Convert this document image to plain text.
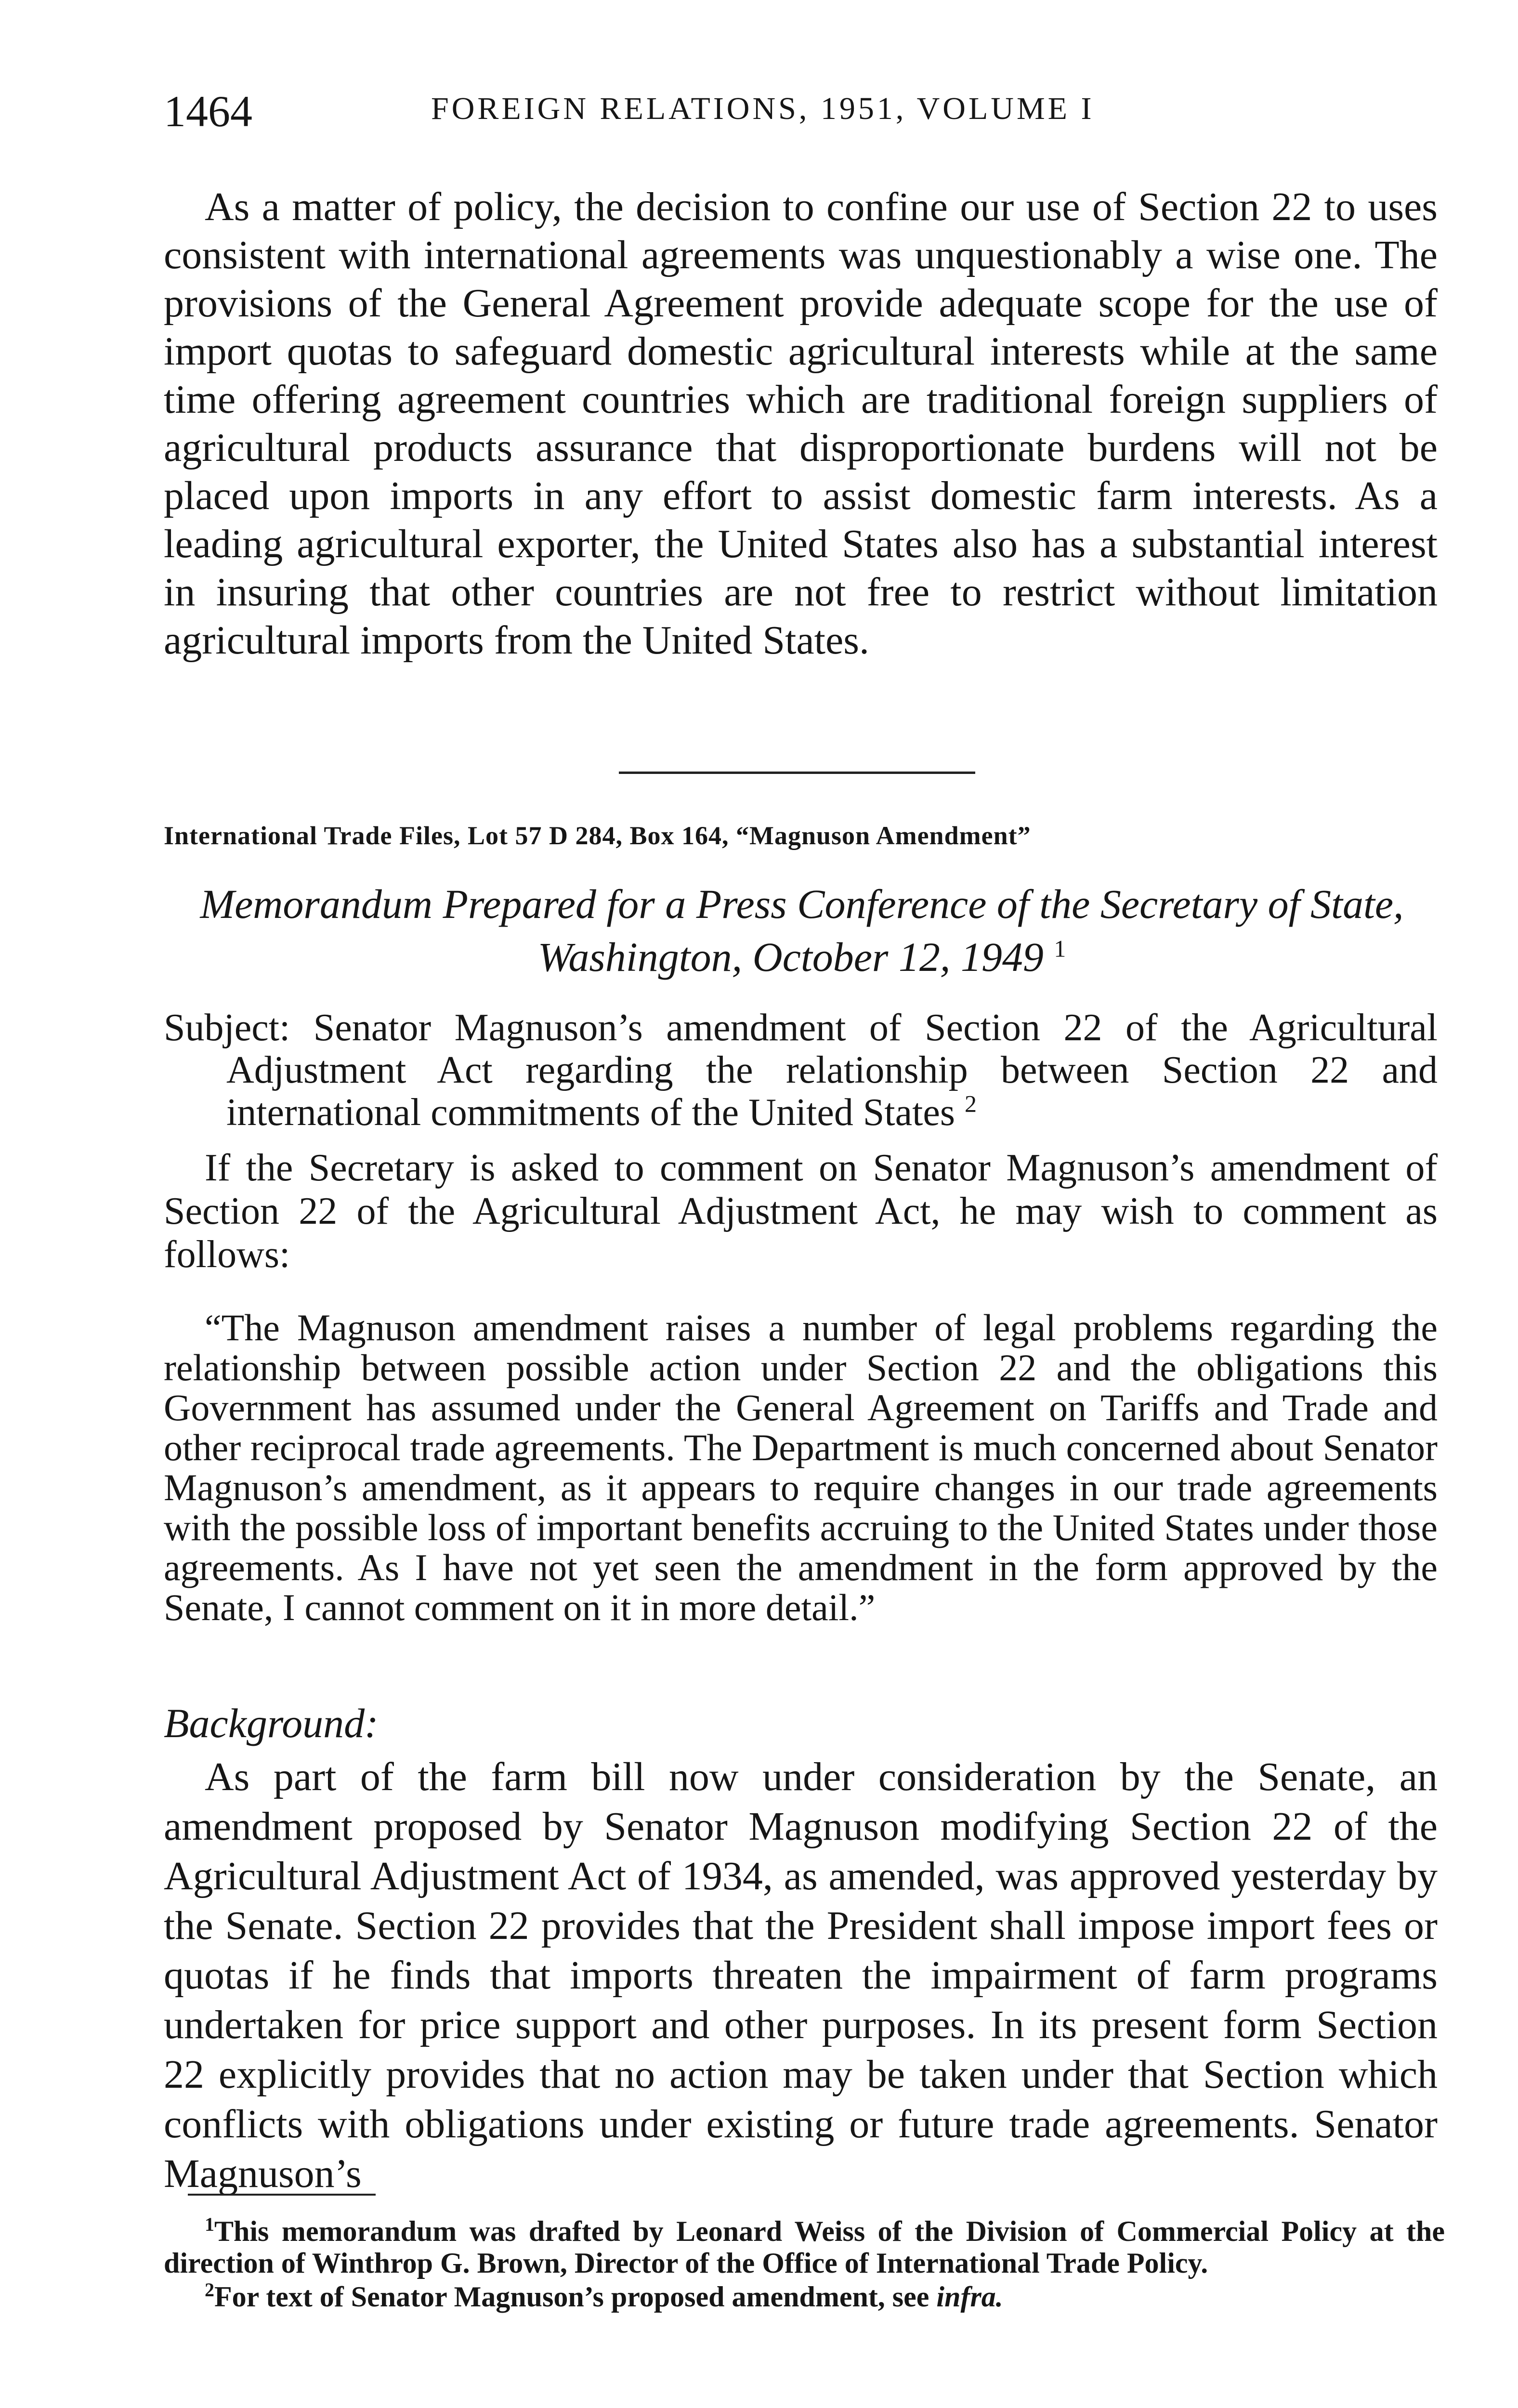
1464	FOREIGN RELATIONS, 1951, VOLUME I

As a matter of policy, the decision to confine our use of Section 22 to uses consistent with international agreements was unquestionably a wise one. The provisions of the General Agreement provide adequate scope for the use of import quotas to safeguard domestic agricultural interests while at the same time offering agreement countries which are traditional foreign suppliers of agricultural products assurance that disproportionate burdens will not be placed upon imports in any effort to assist domestic farm interests. As a leading agricultural exporter, the United States also has a substantial interest in insuring that other countries are not free to restrict without limitation agricultural imports from the United States.

International Trade Files, Lot 57 D 284, Box 164, “Magnuson Amendment”
Memorandum Prepared for a Press Conference of the Secretary of State, Washington, October 12, 1949 $^1$

Subject: Senator Magnuson’s amendment of Section 22 of the Agricultural Adjustment Act regarding the relationship between Section 22 and international commitments of the United States $^2$

If the Secretary is asked to comment on Senator Magnuson’s amendment of Section 22 of the Agricultural Adjustment Act, he may wish to comment as follows:

“The Magnuson amendment raises a number of legal problems regarding the relationship between possible action under Section 22 and the obligations this Government has assumed under the General Agreement on Tariffs and Trade and other reciprocal trade agreements. The Department is much concerned about Senator Magnuson’s amendment, as it appears to require changes in our trade agreements with the possible loss of important benefits accruing to the United States under those agreements. As I have not yet seen the amendment in the form approved by the Senate, I cannot comment on it in more detail.”

Background:

As part of the farm bill now under consideration by the Senate, an amendment proposed by Senator Magnuson modifying Section 22 of the Agricultural Adjustment Act of 1934, as amended, was approved yesterday by the Senate. Section 22 provides that the President shall impose import fees or quotas if he finds that imports threaten the impairment of farm programs undertaken for price support and other purposes. In its present form Section 22 explicitly provides that no action may be taken under that Section which conflicts with obligations under existing or future trade agreements. Senator Magnuson’s

$^1$This memorandum was drafted by Leonard Weiss of the Division of Commercial Policy at the direction of Winthrop G. Brown, Director of the Office of International Trade Policy.

$^2$For text of Senator Magnuson’s proposed amendment, see infra.
